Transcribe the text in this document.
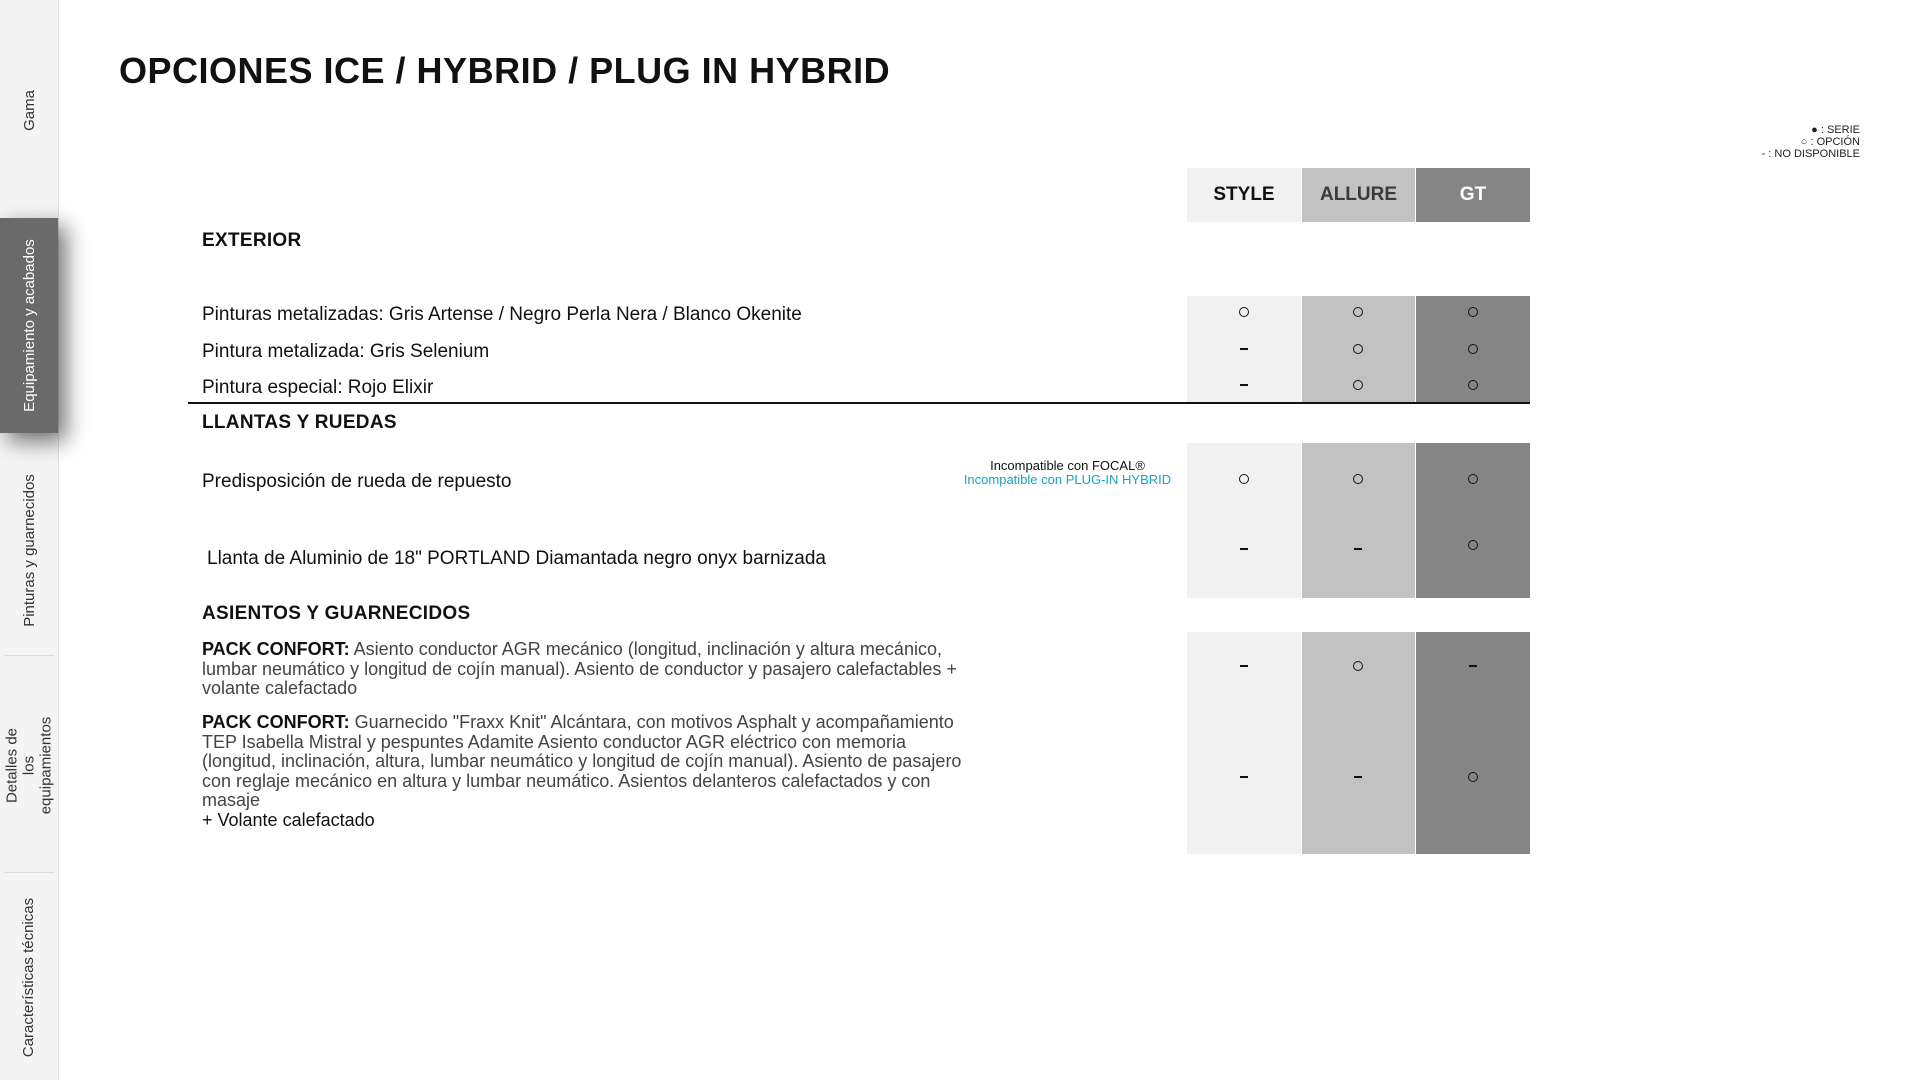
Gama
Equipamiento y acabados
Pinturas y guarnecidos
Detalles de los equipamientos
Características técnicas
OPCIONES ICE / HYBRID / PLUG IN HYBRID
● : SERIE
○ : OPCIÓN
- : NO DISPONIBLE
STYLE	ALLURE	GT
EXTERIOR
LLANTAS Y RUEDAS
ASIENTOS Y GUARNECIDOS
Pinturas metalizadas: Gris Artense / Negro Perla Nera / Blanco Okenite
Pintura metalizada: Gris Selenium
Pintura especial: Rojo Elixir
Predisposición de rueda de repuesto
Llanta de Aluminio de 18" PORTLAND Diamantada negro onyx barnizada
PACK CONFORT: Asiento conductor AGR mecánico (longitud, inclinación y altura mecánico, lumbar neumático y longitud de cojín manual). Asiento de conductor y pasajero calefactables + volante calefactado
PACK CONFORT: Guarnecido "Fraxx Knit" Alcántara, con motivos Asphalt y acompañamiento TEP Isabella Mistral y pespuntes Adamite Asiento conductor AGR eléctrico con memoria (longitud, inclinación, altura, lumbar neumático y longitud de cojín manual). Asiento de pasajero con reglaje mecánico en altura y lumbar neumático. Asientos delanteros calefactados y con masaje
+ Volante calefactado
Incompatible con FOCAL®
Incompatible con PLUG-IN HYBRID
